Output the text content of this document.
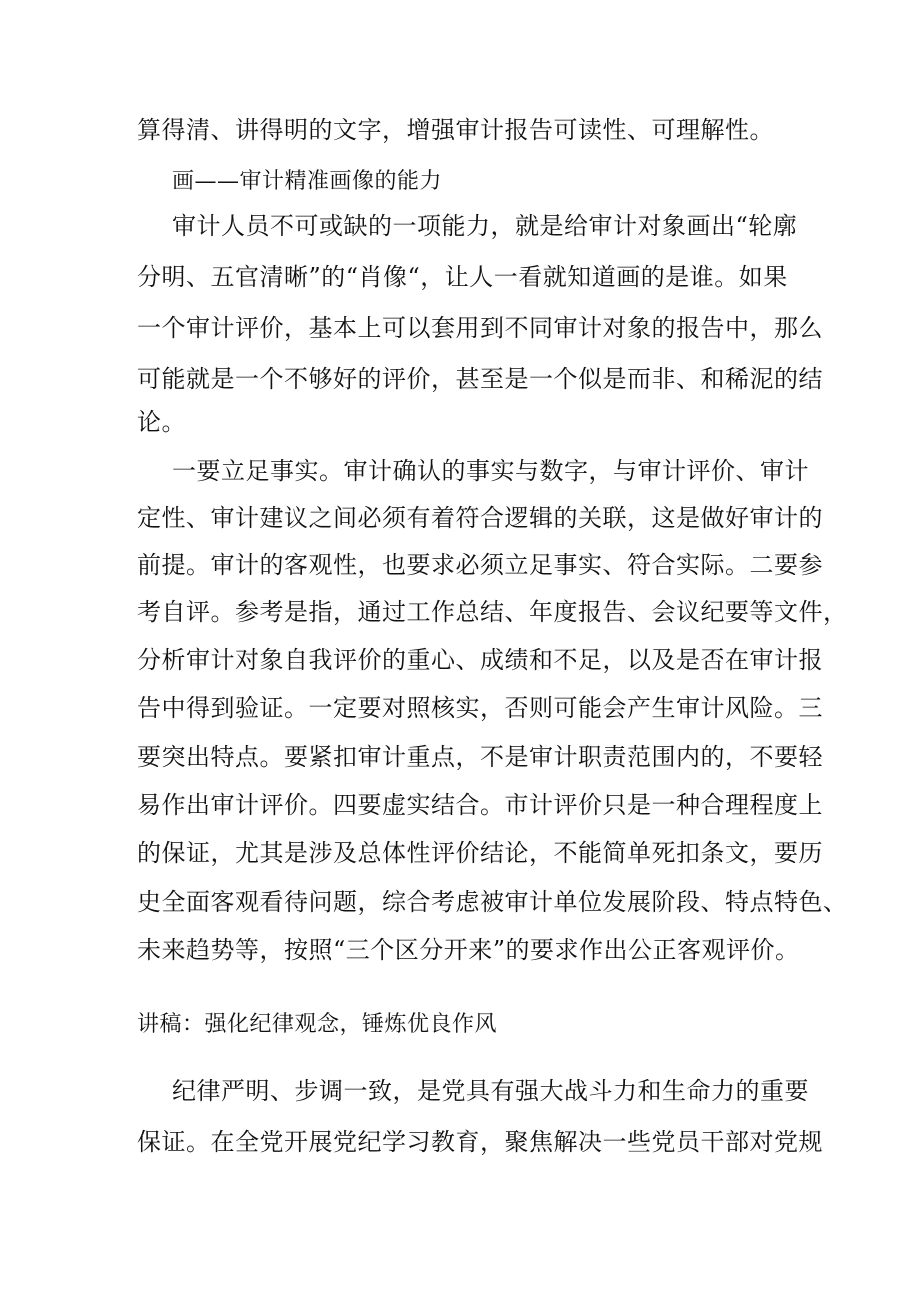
算得清、讲得明的文字，增强审计报告可读性、可理解性。
画——审计精准画像的能力
审计人员不可或缺的一项能力，就是给审计对象画出“轮廓
分明、五官清晰”的“肖像“，让人一看就知道画的是谁。如果
一个审计评价，基本上可以套用到不同审计对象的报告中，那么
可能就是一个不够好的评价，甚至是一个似是而非、和稀泥的结
论。
一要立足事实。审计确认的事实与数字，与审计评价、审计
定性、审计建议之间必须有着符合逻辑的关联，这是做好审计的
前提。审计的客观性，也要求必须立足事实、符合实际。二要参
考自评。参考是指，通过工作总结、年度报告、会议纪要等文件，
分析审计对象自我评价的重心、成绩和不足，以及是否在审计报
告中得到验证。一定要对照核实，否则可能会产生审计风险。三
要突出特点。要紧扣审计重点，不是审计职责范围内的，不要轻
易作出审计评价。四要虚实结合。市计评价只是一种合理程度上
的保证，尤其是涉及总体性评价结论，不能简单死扣条文，要历
史全面客观看待问题，综合考虑被审计单位发展阶段、特点特色、
未来趋势等，按照“三个区分开来”的要求作出公正客观评价。
讲稿：强化纪律观念，锤炼优良作风
纪律严明、步调一致，是党具有强大战斗力和生命力的重要
保证。在全党开展党纪学习教育，聚焦解决一些党员干部对党规
